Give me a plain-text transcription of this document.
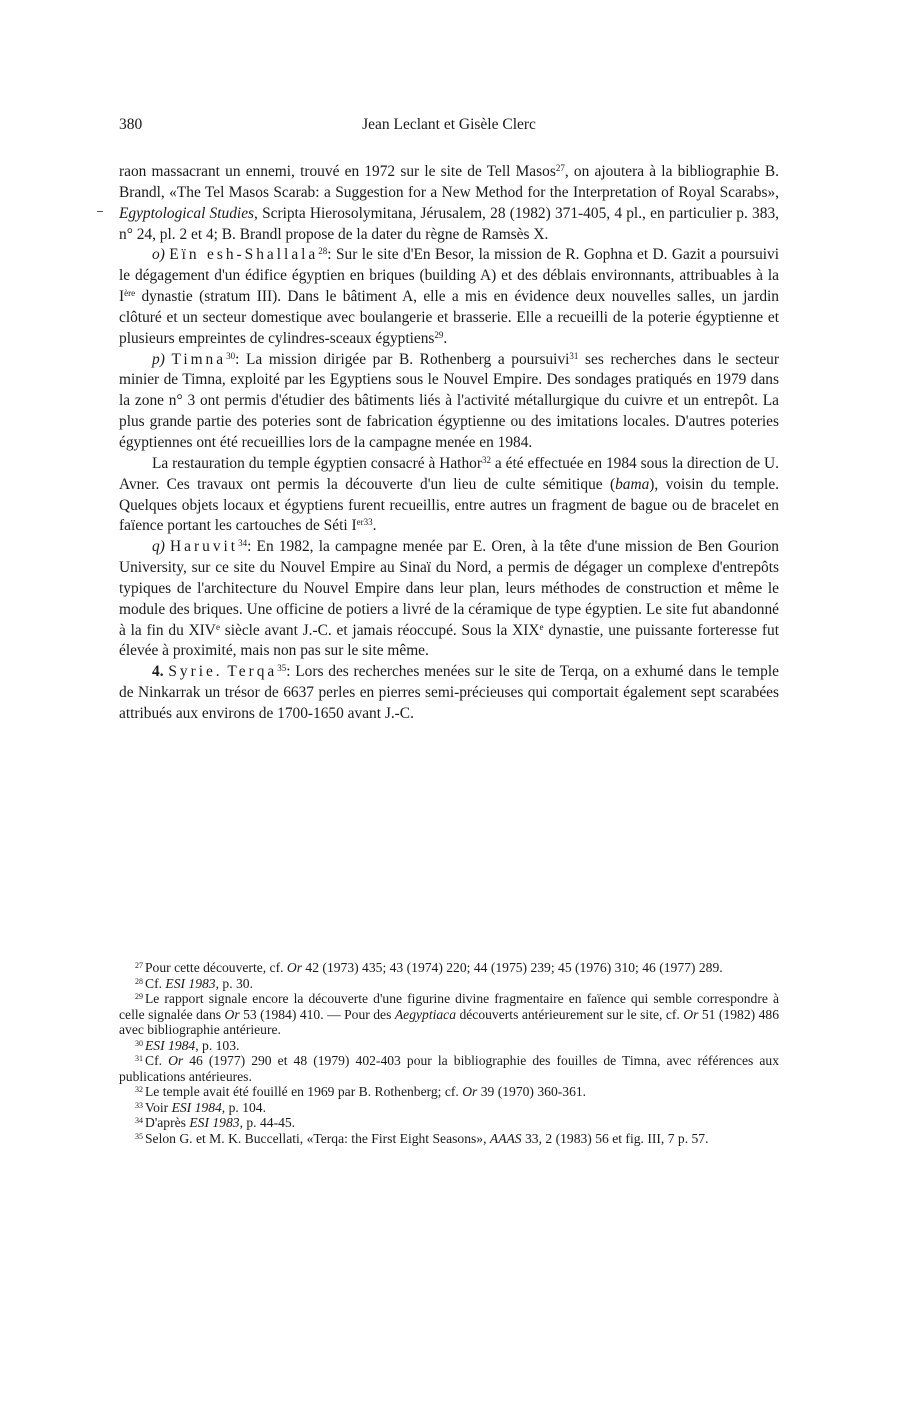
380	Jean Leclant et Gisèle Clerc

raon massacrant un ennemi, trouvé en 1972 sur le site de Tell Masos$^{27}$, on ajoutera à la bibliographie B. Brandl, «The Tel Masos Scarab: a Suggestion for a New Method for the Interpretation of Royal Scarabs», Egyptological Studies, Scripta Hierosolymitana, Jérusalem, 28 (1982) 371-405, 4 pl., en particulier p. 383, n° 24, pl. 2 et 4; B. Brandl propose de la dater du règne de Ramsès X.

o) Eïn esh-Shallala$^{28}$: Sur le site d'En Besor, la mission de R. Gophna et D. Gazit a poursuivi le dégagement d'un édifice égyptien en briques (building A) et des déblais environnants, attribuables à la Ière dynastie (stratum III). Dans le bâtiment A, elle a mis en évidence deux nouvelles salles, un jardin clôturé et un secteur domestique avec boulangerie et brasserie. Elle a recueilli de la poterie égyptienne et plusieurs empreintes de cylindres-sceaux égyptiens$^{29}$.

p) Timna$^{30}$: La mission dirigée par B. Rothenberg a poursuivi$^{31}$ ses recherches dans le secteur minier de Timna, exploité par les Egyptiens sous le Nouvel Empire. Des sondages pratiqués en 1979 dans la zone n° 3 ont permis d'étudier des bâtiments liés à l'activité métallurgique du cuivre et un entrepôt. La plus grande partie des poteries sont de fabrication égyptienne ou des imitations locales. D'autres poteries égyptiennes ont été recueillies lors de la campagne menée en 1984.

La restauration du temple égyptien consacré à Hathor$^{32}$ a été effectuée en 1984 sous la direction de U. Avner. Ces travaux ont permis la découverte d'un lieu de culte sémitique (bama), voisin du temple. Quelques objets locaux et égyptiens furent recueillis, entre autres un fragment de bague ou de bracelet en faïence portant les cartouches de Séti $I^{er33}$.

q) Haruvit$^{34}$: En 1982, la campagne menée par E. Oren, à la tête d'une mission de Ben Gourion University, sur ce site du Nouvel Empire au Sinaï du Nord, a permis de dégager un complexe d'entrepôts typiques de l'architecture du Nouvel Empire dans leur plan, leurs méthodes de construction et même le module des briques. Une officine de potiers a livré de la céramique de type égyptien. Le site fut abandonné à la fin du XIVe siècle avant J.-C. et jamais réoccupé. Sous la XIXe dynastie, une puissante forteresse fut élevée à proximité, mais non pas sur le site même.

4. Syrie. Terqa$^{35}$: Lors des recherches menées sur le site de Terqa, on a exhumé dans le temple de Ninkarrak un trésor de 6637 perles en pierres semi-précieuses qui comportait également sept scarabées attribués aux environs de 1700-1650 avant J.-C.

$^{27}$ Pour cette découverte, cf. Or 42 (1973) 435; 43 (1974) 220; 44 (1975) 239; 45 (1976) 310; 46 (1977) 289.

$^{28}$ Cf. ESI 1983, p. 30.

$^{29}$ Le rapport signale encore la découverte d'une figurine divine fragmentaire en faïence qui semble correspondre à celle signalée dans Or 53 (1984) 410. — Pour des Aegyptiaca découverts antérieurement sur le site, cf. Or 51 (1982) 486 avec bibliographie antérieure.

$^{30}$ ESI 1984, p. 103.

$^{31}$ Cf. Or 46 (1977) 290 et 48 (1979) 402-403 pour la bibliographie des fouilles de Timna, avec références aux publications antérieures.

$^{32}$ Le temple avait été fouillé en 1969 par B. Rothenberg; cf. Or 39 (1970) 360-361.

$^{33}$ Voir ESI 1984, p. 104.

$^{34}$ D'après ESI 1983, p. 44-45.

$^{35}$ Selon G. et M. K. Buccellati, «Terqa: the First Eight Seasons», AAAS 33, 2 (1983) 56 et fig. III, 7 p. 57.
